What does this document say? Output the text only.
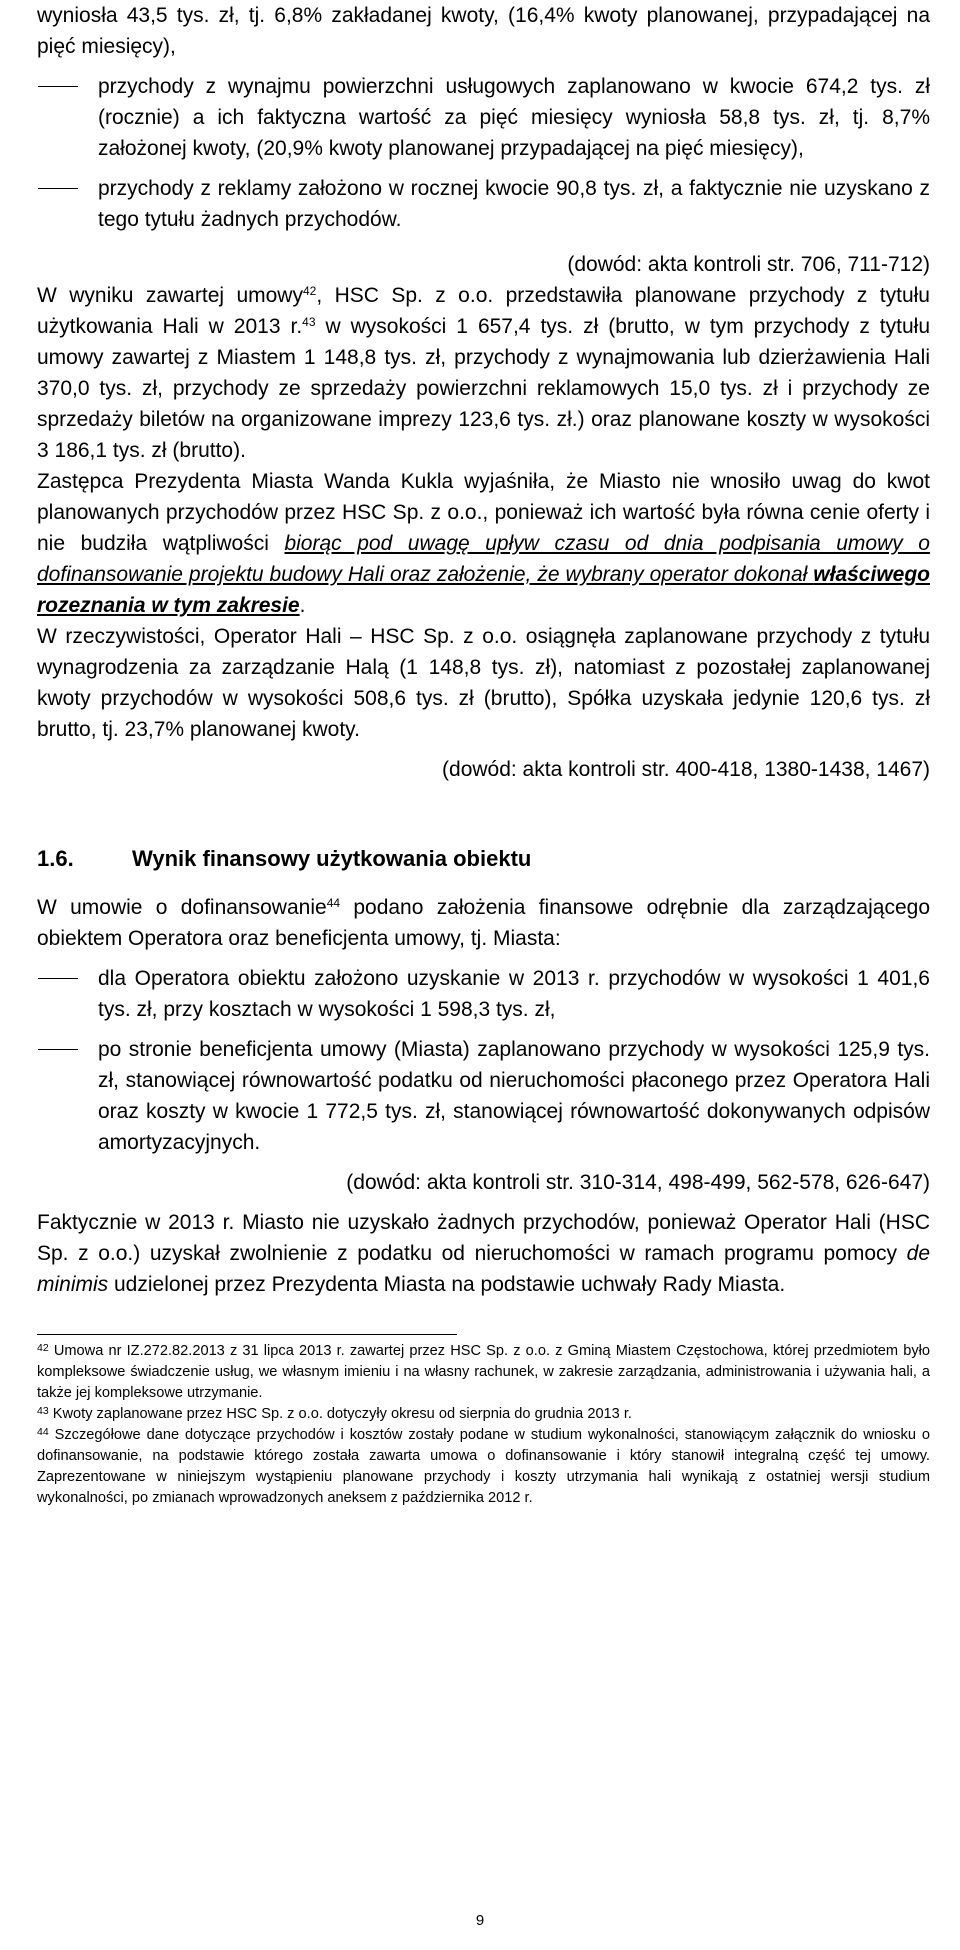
wyniosła 43,5 tys. zł, tj. 6,8% zakładanej kwoty, (16,4% kwoty planowanej, przypadającej na pięć miesięcy),

przychody z wynajmu powierzchni usługowych zaplanowano w kwocie 674,2 tys. zł (rocznie) a ich faktyczna wartość za pięć miesięcy wyniosła 58,8 tys. zł, tj. 8,7% założonej kwoty, (20,9% kwoty planowanej przypadającej na pięć miesięcy),

przychody z reklamy założono w rocznej kwocie 90,8 tys. zł, a faktycznie nie uzyskano z tego tytułu żadnych przychodów.

(dowód: akta kontroli str. 706, 711-712)

W wyniku zawartej umowy$^{42}$, HSC Sp. z o.o. przedstawiła planowane przychody z tytułu użytkowania Hali w 2013 r.$^{43}$ w wysokości 1 657,4 tys. zł (brutto, w tym przychody z tytułu umowy zawartej z Miastem 1 148,8 tys. zł, przychody z wynajmowania lub dzierżawienia Hali 370,0 tys. zł, przychody ze sprzedaży powierzchni reklamowych 15,0 tys. zł i przychody ze sprzedaży biletów na organizowane imprezy 123,6 tys. zł.) oraz planowane koszty w wysokości 3 186,1 tys. zł (brutto).

Zastępca Prezydenta Miasta Wanda Kukla wyjaśniła, że Miasto nie wnosiło uwag do kwot planowanych przychodów przez HSC Sp. z o.o., ponieważ ich wartość była równa cenie oferty i nie budziła wątpliwości biorąc pod uwagę upływ czasu od dnia podpisania umowy o dofinansowanie projektu budowy Hali oraz założenie, że wybrany operator dokonał właściwego rozeznania w tym zakresie.

W rzeczywistości, Operator Hali – HSC Sp. z o.o. osiągnęła zaplanowane przychody z tytułu wynagrodzenia za zarządzanie Halą (1 148,8 tys. zł), natomiast z pozostałej zaplanowanej kwoty przychodów w wysokości 508,6 tys. zł (brutto), Spółka uzyskała jedynie 120,6 tys. zł brutto, tj. 23,7% planowanej kwoty.

(dowód: akta kontroli str. 400-418, 1380-1438, 1467)

1.6.	Wynik finansowy użytkowania obiektu

W umowie o dofinansowanie$^{44}$ podano założenia finansowe odrębnie dla zarządzającego obiektem Operatora oraz beneficjenta umowy, tj. Miasta:

dla Operatora obiektu założono uzyskanie w 2013 r. przychodów w wysokości 1 401,6 tys. zł, przy kosztach w wysokości 1 598,3 tys. zł,

po stronie beneficjenta umowy (Miasta) zaplanowano przychody w wysokości 125,9 tys. zł, stanowiącej równowartość podatku od nieruchomości płaconego przez Operatora Hali oraz koszty w kwocie 1 772,5 tys. zł, stanowiącej równowartość dokonywanych odpisów amortyzacyjnych.

(dowód: akta kontroli str. 310-314, 498-499, 562-578, 626-647)

Faktycznie w 2013 r. Miasto nie uzyskało żadnych przychodów, ponieważ Operator Hali (HSC Sp. z o.o.) uzyskał zwolnienie z podatku od nieruchomości w ramach programu pomocy de minimis udzielonej przez Prezydenta Miasta na podstawie uchwały Rady Miasta.

$^{42}$ Umowa nr IZ.272.82.2013 z 31 lipca 2013 r. zawartej przez HSC Sp. z o.o. z Gminą Miastem Częstochowa, której przedmiotem było kompleksowe świadczenie usług, we własnym imieniu i na własny rachunek, w zakresie zarządzania, administrowania i używania hali, a także jej kompleksowe utrzymanie.

$^{43}$ Kwoty zaplanowane przez HSC Sp. z o.o. dotyczyły okresu od sierpnia do grudnia 2013 r.

$^{44}$ Szczegółowe dane dotyczące przychodów i kosztów zostały podane w studium wykonalności, stanowiącym załącznik do wniosku o dofinansowanie, na podstawie którego została zawarta umowa o dofinansowanie i który stanowił integralną część tej umowy. Zaprezentowane w niniejszym wystąpieniu planowane przychody i koszty utrzymania hali wynikają z ostatniej wersji studium wykonalności, po zmianach wprowadzonych aneksem z października 2012 r.

9
